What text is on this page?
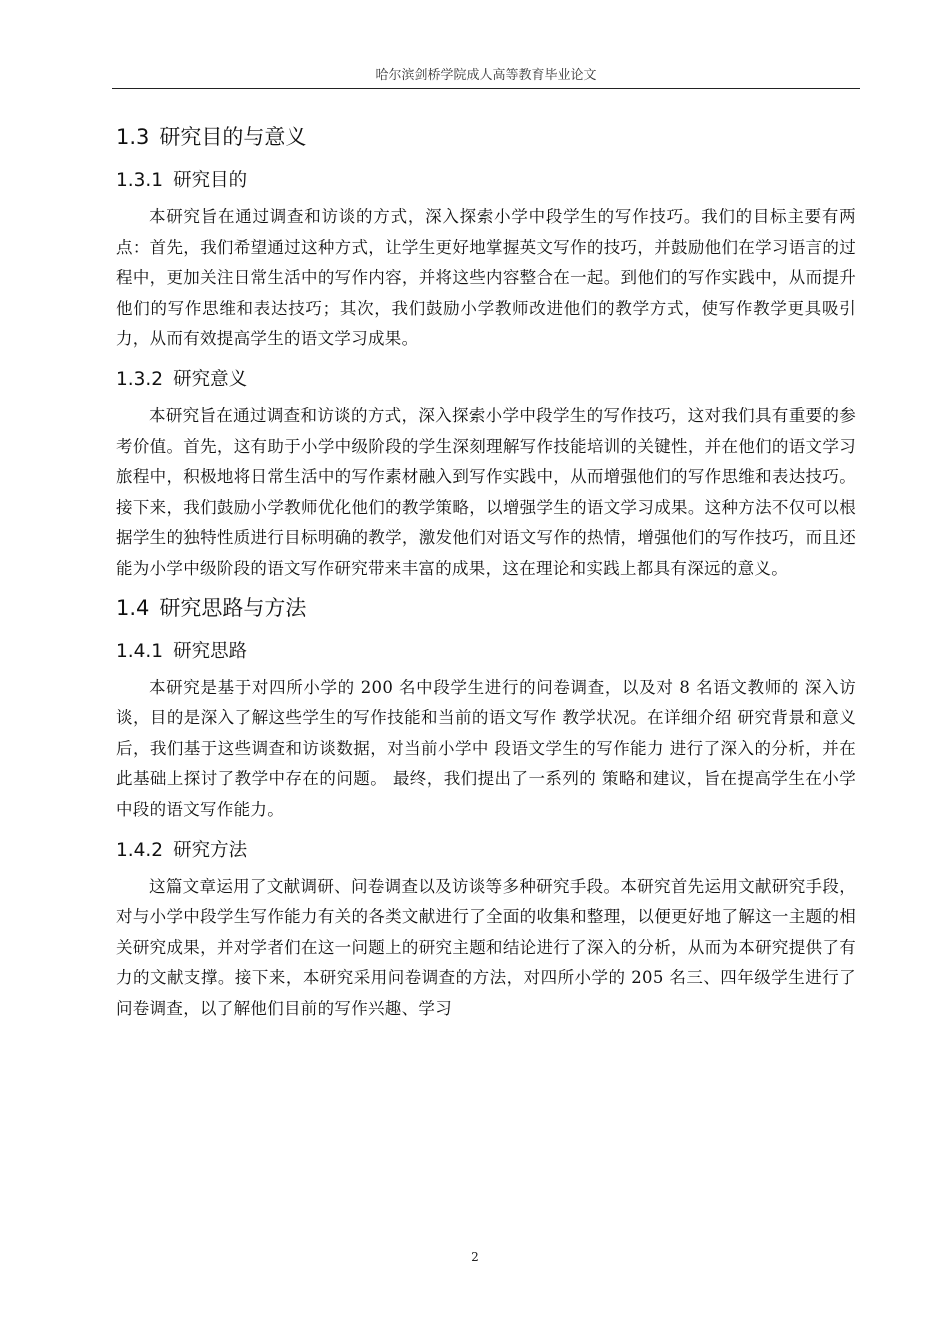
哈尔滨剑桥学院成人高等教育毕业论文
1.3 研究目的与意义
1.3.1 研究目的

本研究旨在通过调查和访谈的方式，深入探索小学中段学生的写作技巧。我们的目标主要有两点：首先，我们希望通过这种方式，让学生更好地掌握英文写作的技巧，并鼓励他们在学习语言的过程中，更加关注日常生活中的写作内容，并将这些内容整合在一起。到他们的写作实践中，从而提升他们的写作思维和表达技巧；其次，我们鼓励小学教师改进他们的教学方式，使写作教学更具吸引力，从而有效提高学生的语文学习成果。

1.3.2 研究意义

本研究旨在通过调查和访谈的方式，深入探索小学中段学生的写作技巧，这对我们具有重要的参考价值。首先，这有助于小学中级阶段的学生深刻理解写作技能培训的关键性，并在他们的语文学习旅程中，积极地将日常生活中的写作素材融入到写作实践中，从而增强他们的写作思维和表达技巧。接下来，我们鼓励小学教师优化他们的教学策略，以增强学生的语文学习成果。这种方法不仅可以根据学生的独特性质进行目标明确的教学，激发他们对语文写作的热情，增强他们的写作技巧，而且还能为小学中级阶段的语文写作研究带来丰富的成果，这在理论和实践上都具有深远的意义。

1.4 研究思路与方法
1.4.1 研究思路

本研究是基于对四所小学的 200 名中段学生进行的问卷调查，以及对 8 名语文教师的 深入访谈，目的是深入了解这些学生的写作技能和当前的语文写作 教学状况。在详细介绍 研究背景和意义后，我们基于这些调查和访谈数据，对当前小学中 段语文学生的写作能力 进行了深入的分析，并在此基础上探讨了教学中存在的问题。 最终，我们提出了一系列的 策略和建议，旨在提高学生在小学中段的语文写作能力。

1.4.2 研究方法

这篇文章运用了文献调研、问卷调查以及访谈等多种研究手段。本研究首先运用文献研究手段，对与小学中段学生写作能力有关的各类文献进行了全面的收集和整理，以便更好地了解这一主题的相关研究成果，并对学者们在这一问题上的研究主题和结论进行了深入的分析，从而为本研究提供了有力的文献支撑。接下来，本研究采用问卷调查的方法，对四所小学的 205 名三、四年级学生进行了问卷调查，以了解他们目前的写作兴趣、学习

2
